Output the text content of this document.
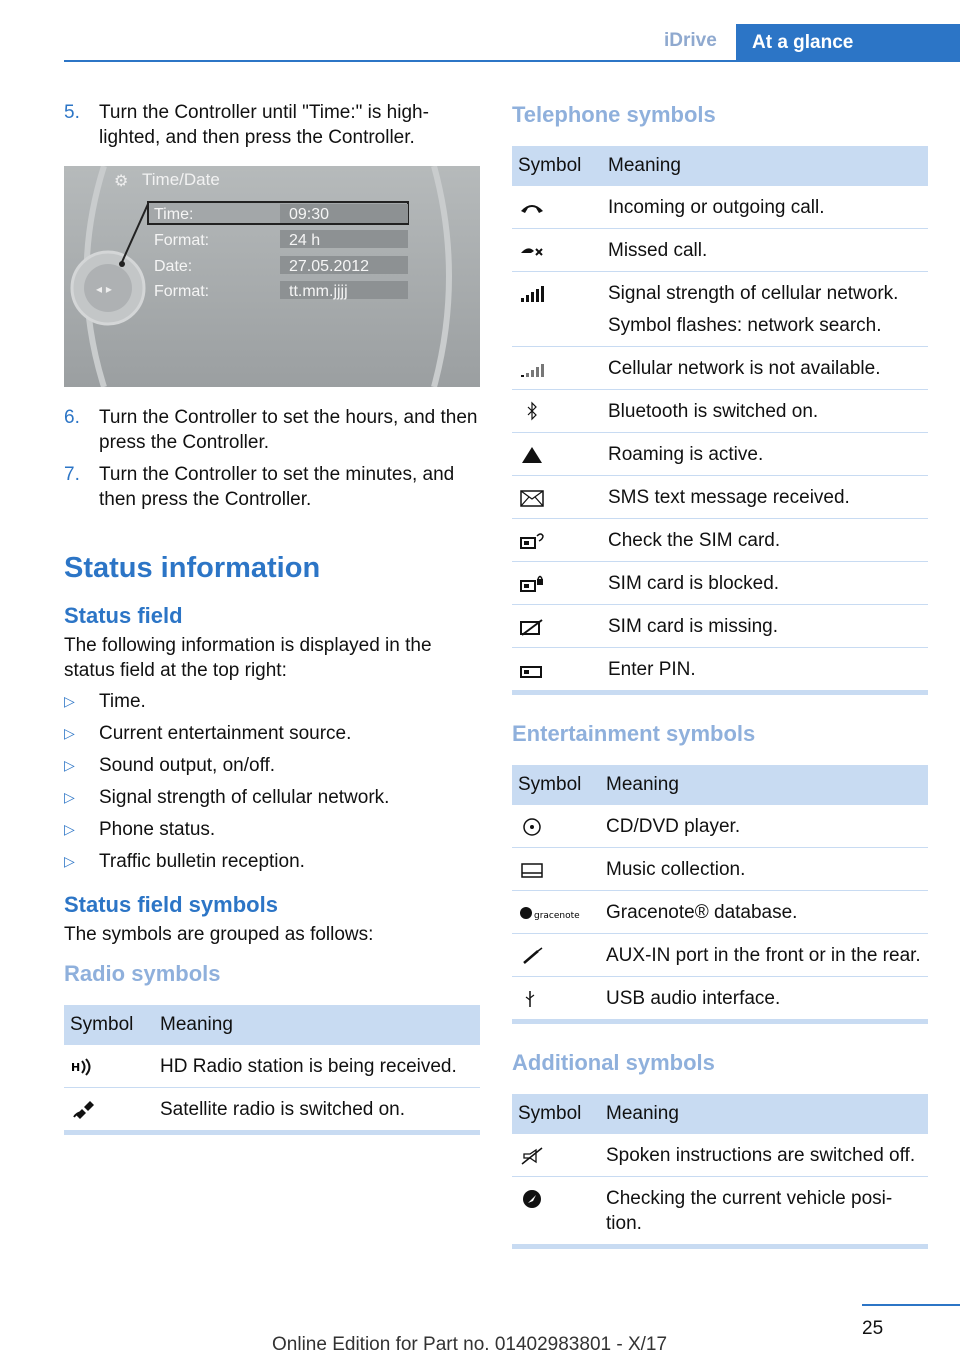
iDrive	At a glance
5. Turn the Controller until "Time:" is high‐lighted, and then press the Controller.
◂ ▸
⚙ Time/Date
Time:	09:30
Format:	24 h
Date:	27.05.2012
Format:	tt.mm.jjjj
6. Turn the Controller to set the hours, and then press the Controller.
7. Turn the Controller to set the minutes, and then press the Controller.
Status information
Status field
The following information is displayed in the status field at the top right:
▷ Time.
▷ Current entertainment source.
▷ Sound output, on/off.
▷ Signal strength of cellular network.
▷ Phone status.
▷ Traffic bulletin reception.
Status field symbols
The symbols are grouped as follows:
Radio symbols
Symbol	Meaning

H	HD Radio station is being received.
	Satellite radio is switched on.
Telephone symbols
Symbol	Meaning
	Incoming or outgoing call.
	Missed call.

Signal strength of cellular network.
Symbol flashes: network search.

	Cellular network is not available.
	Bluetooth is switched on.
	Roaming is active.
	SMS text message received.
	Check the SIM card.
	SIM card is blocked.
	SIM card is missing.
	Enter PIN.
Entertainment symbols
Symbol	Meaning
	CD/DVD player.
	Music collection.

gracenote	Gracenote® database.
	AUX-IN port in the front or in the rear.
	USB audio interface.
Additional symbols
Symbol	Meaning
	Spoken instructions are switched off.
	Checking the current vehicle posi‐tion.
25
Online Edition for Part no. 01402983801 - X/17
